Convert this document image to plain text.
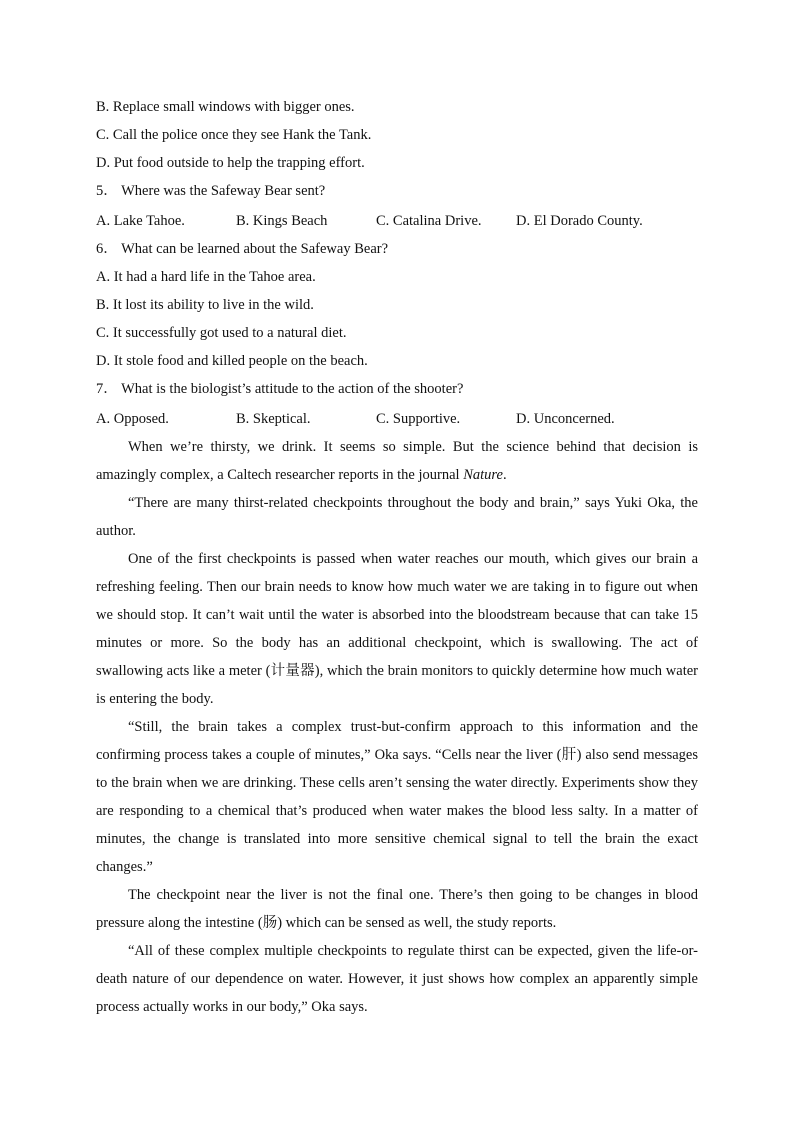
B. Replace small windows with bigger ones.
C. Call the police once they see Hank the Tank.
D. Put food outside to help the trapping effort.
5． Where was the Safeway Bear sent?
A. Lake Tahoe.	B. Kings Beach	C. Catalina Drive.	D. El Dorado County.
6． What can be learned about the Safeway Bear?
A. It had a hard life in the Tahoe area.
B. It lost its ability to live in the wild.
C. It successfully got used to a natural diet.
D. It stole food and killed people on the beach.
7． What is the biologist’s attitude to the action of the shooter?
A. Opposed.	B. Skeptical.	C. Supportive.	D. Unconcerned.

When we’re thirsty, we drink. It seems so simple. But the science behind that decision is amazingly complex, a Caltech researcher reports in the journal Nature.

“There are many thirst-related checkpoints throughout the body and brain,” says Yuki Oka, the author.

One of the first checkpoints is passed when water reaches our mouth, which gives our brain a refreshing feeling. Then our brain needs to know how much water we are taking in to figure out when we should stop. It can’t wait until the water is absorbed into the bloodstream because that can take 15 minutes or more. So the body has an additional checkpoint, which is swallowing. The act of swallowing acts like a meter (计量器), which the brain monitors to quickly determine how much water is entering the body.

“Still, the brain takes a complex trust-but-confirm approach to this information and the confirming process takes a couple of minutes,” Oka says. “Cells near the liver (肝) also send messages to the brain when we are drinking. These cells aren’t sensing the water directly. Experiments show they are responding to a chemical that’s produced when water makes the blood less salty. In a matter of minutes, the change is translated into more sensitive chemical signal to tell the brain the exact changes.”

The checkpoint near the liver is not the final one. There’s then going to be changes in blood pressure along the intestine (肠) which can be sensed as well, the study reports.

“All of these complex multiple checkpoints to regulate thirst can be expected, given the life-or-death nature of our dependence on water. However, it just shows how complex an apparently simple process actually works in our body,” Oka says.
